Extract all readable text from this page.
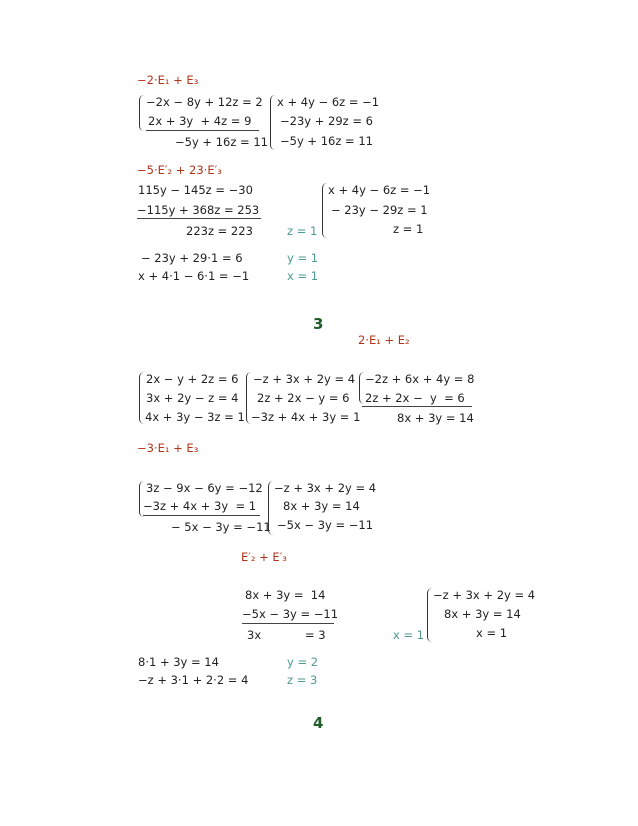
−2·E₁ + E₃
−2x − 8y + 12z = 2
2x + 3y  + 4z = 9
−5y + 16z = 11
x + 4y − 6z = −1
−23y + 29z = 6
−5y + 16z = 11
−5·E′₂ + 23·E′₃
115y − 145z = −30
−115y + 368z = 253
223z = 223	z = 1
x + 4y − 6z = −1
− 23y − 29z = 1
z = 1
− 23y + 29·1 = 6
x + 4·1 − 6·1 = −1
y = 1
x = 1
3
2·E₁ + E₂
2x − y + 2z = 6
3x + 2y − z = 4
4x + 3y − 3z = 1
−z + 3x + 2y = 4
2z + 2x − y = 6
−3z + 4x + 3y = 1
−2z + 6x + 4y = 8
2z + 2x −  y  = 6
8x + 3y = 14
−3·E₁ + E₃
3z − 9x − 6y = −12
−3z + 4x + 3y  = 1
− 5x − 3y = −11
−z + 3x + 2y = 4
8x + 3y = 14
−5x − 3y = −11
E′₂ + E′₃
8x + 3y =  14
−5x − 3y = −11
3x	= 3	x = 1
−z + 3x + 2y = 4
8x + 3y = 14
x = 1
8·1 + 3y = 14
−z + 3·1 + 2·2 = 4
y = 2
z = 3
4
